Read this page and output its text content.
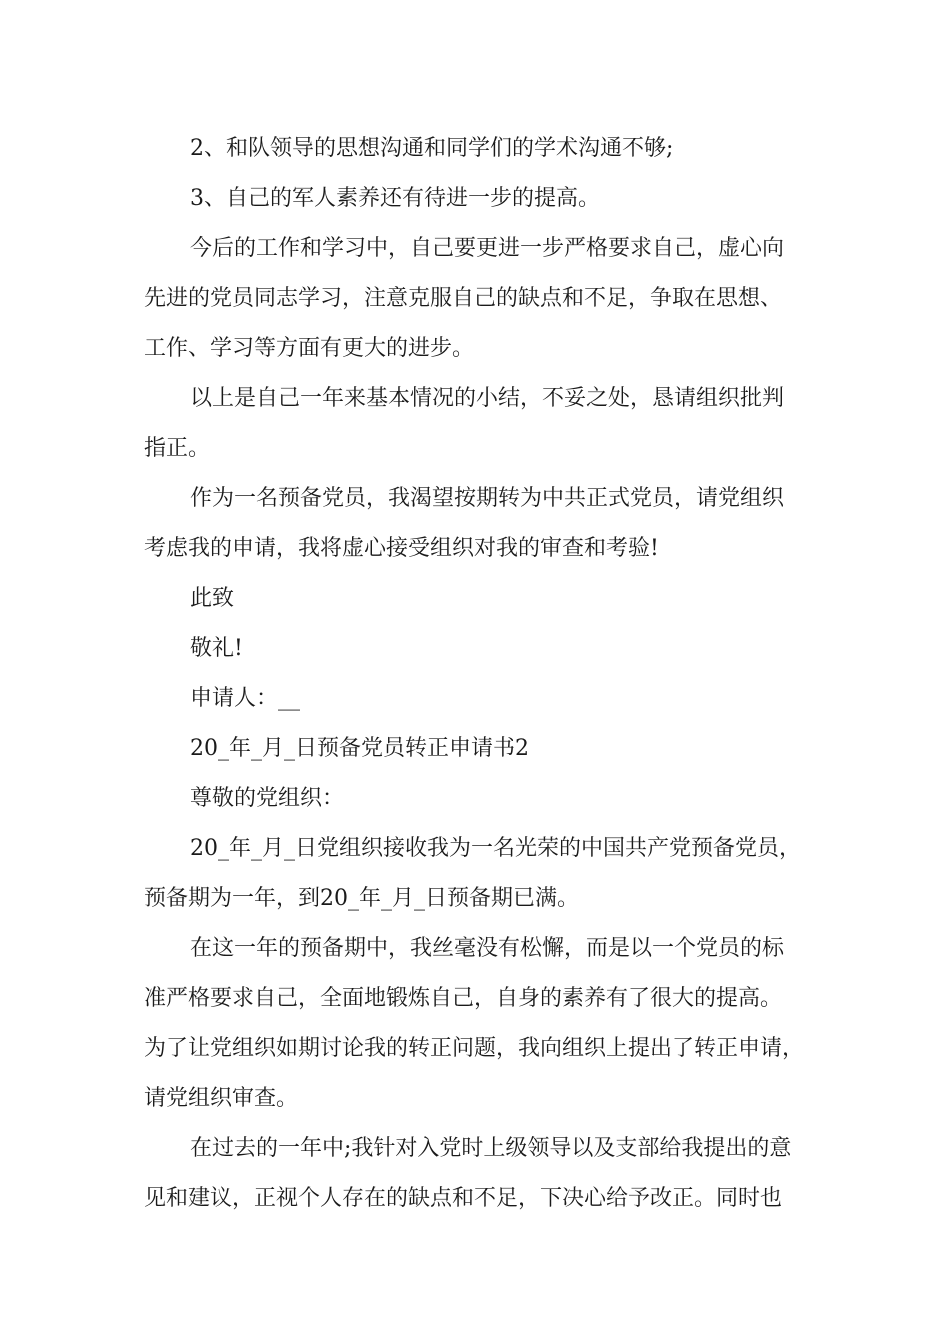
2、和队领导的思想沟通和同学们的学术沟通不够;
3、自己的军人素养还有待进一步的提高。
今后的工作和学习中，自己要更进一步严格要求自己，虚心向
先进的党员同志学习，注意克服自己的缺点和不足，争取在思想、
工作、学习等方面有更大的进步。
以上是自己一年来基本情况的小结，不妥之处，恳请组织批判
指正。
作为一名预备党员，我渴望按期转为中共正式党员，请党组织
考虑我的申请，我将虚心接受组织对我的审查和考验!
此致
敬礼!
申请人：__
20_年_月_日预备党员转正申请书2
尊敬的党组织：
20_年_月_日党组织接收我为一名光荣的中国共产党预备党员，
预备期为一年，到20_年_月_日预备期已满。
在这一年的预备期中，我丝毫没有松懈，而是以一个党员的标
准严格要求自己，全面地锻炼自己，自身的素养有了很大的提高。
为了让党组织如期讨论我的转正问题，我向组织上提出了转正申请，
请党组织审查。
在过去的一年中;我针对入党时上级领导以及支部给我提出的意
见和建议，正视个人存在的缺点和不足，下决心给予改正。同时也
